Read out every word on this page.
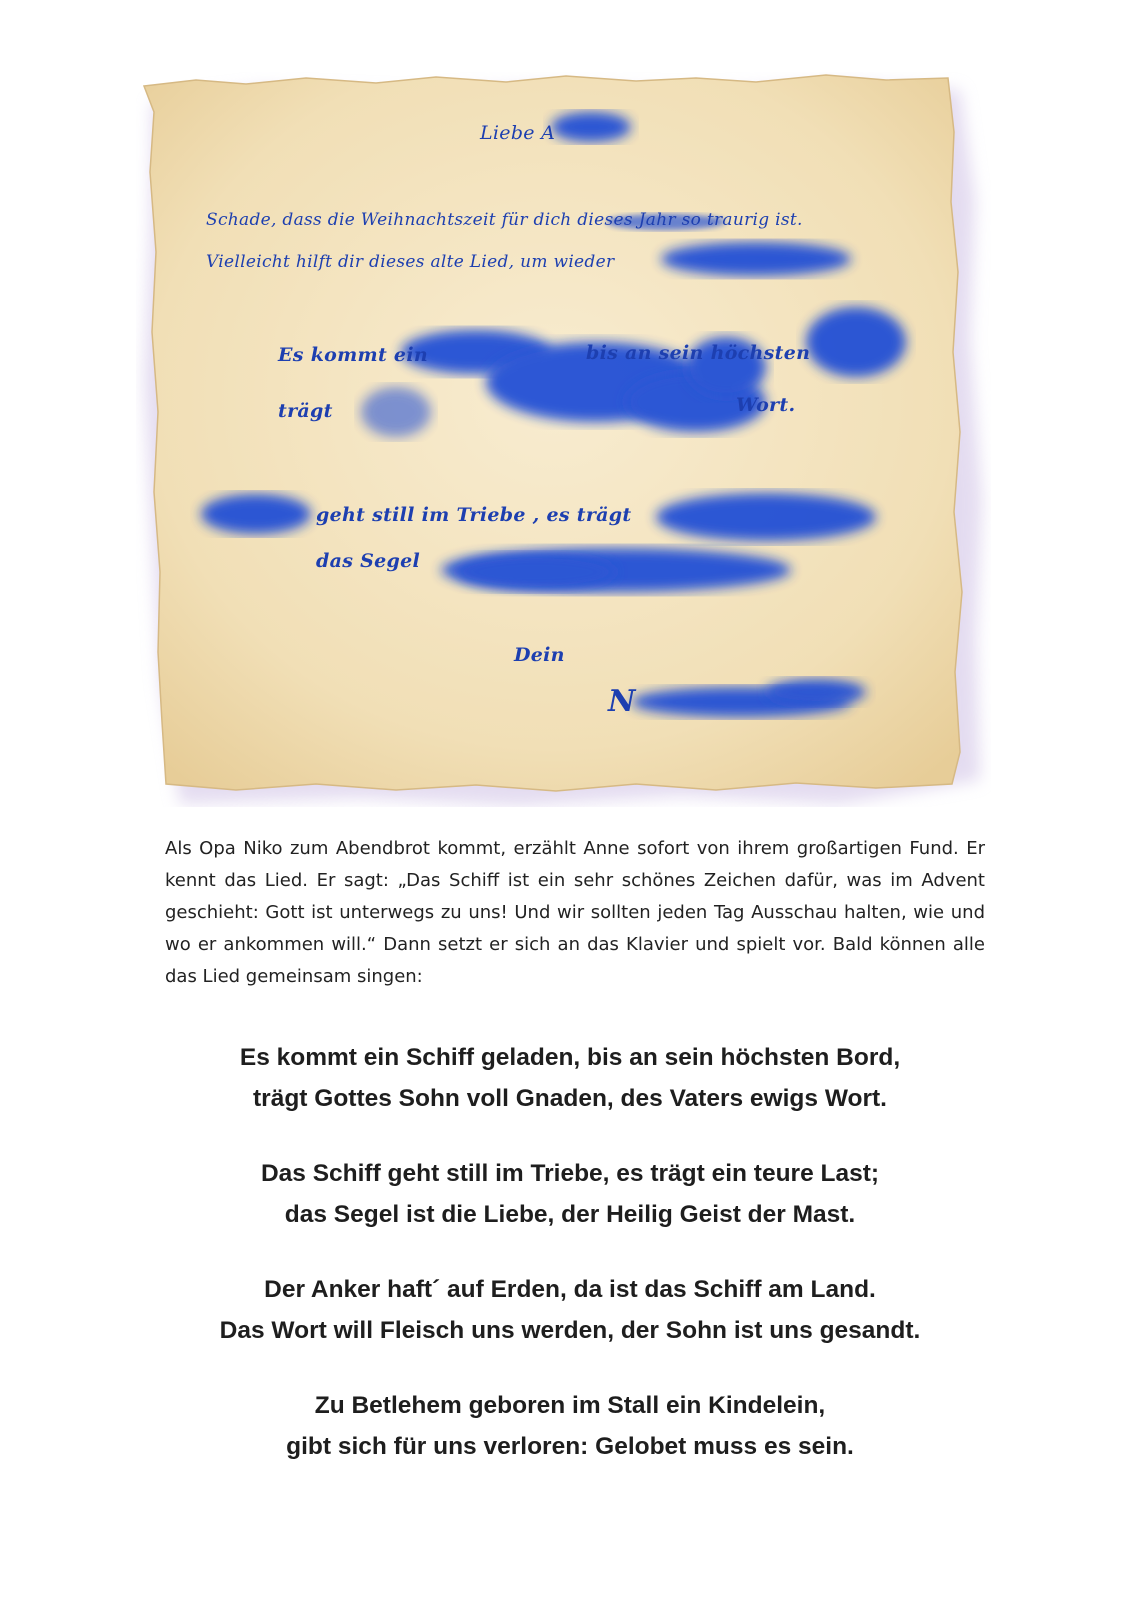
Liebe A

Schade, dass die Weihnachtszeit für dich dieses Jahr so traurig ist.

Vielleicht hilft dir dieses alte Lied, um wieder

Es kommt ein	bis an sein höchsten

trägt	Wort.

geht still im Triebe , es trägt

das Segel

Dein

N

Als Opa Niko zum Abendbrot kommt, erzählt Anne sofort von ihrem großartigen Fund. Er kennt das Lied. Er sagt: „Das Schiff ist ein sehr schönes Zeichen dafür, was im Advent geschieht: Gott ist unterwegs zu uns! Und wir sollten jeden Tag Ausschau halten, wie und wo er ankommen will.“ Dann setzt er sich an das Klavier und spielt vor. Bald können alle das Lied gemeinsam singen:

Es kommt ein Schiff geladen, bis an sein höchsten Bord,
trägt Gottes Sohn voll Gnaden, des Vaters ewigs Wort.

Das Schiff geht still im Triebe, es trägt ein teure Last;
das Segel ist die Liebe, der Heilig Geist der Mast.

Der Anker haft´ auf Erden, da ist das Schiff am Land.
Das Wort will Fleisch uns werden, der Sohn ist uns gesandt.

Zu Betlehem geboren im Stall ein Kindelein,
gibt sich für uns verloren: Gelobet muss es sein.
